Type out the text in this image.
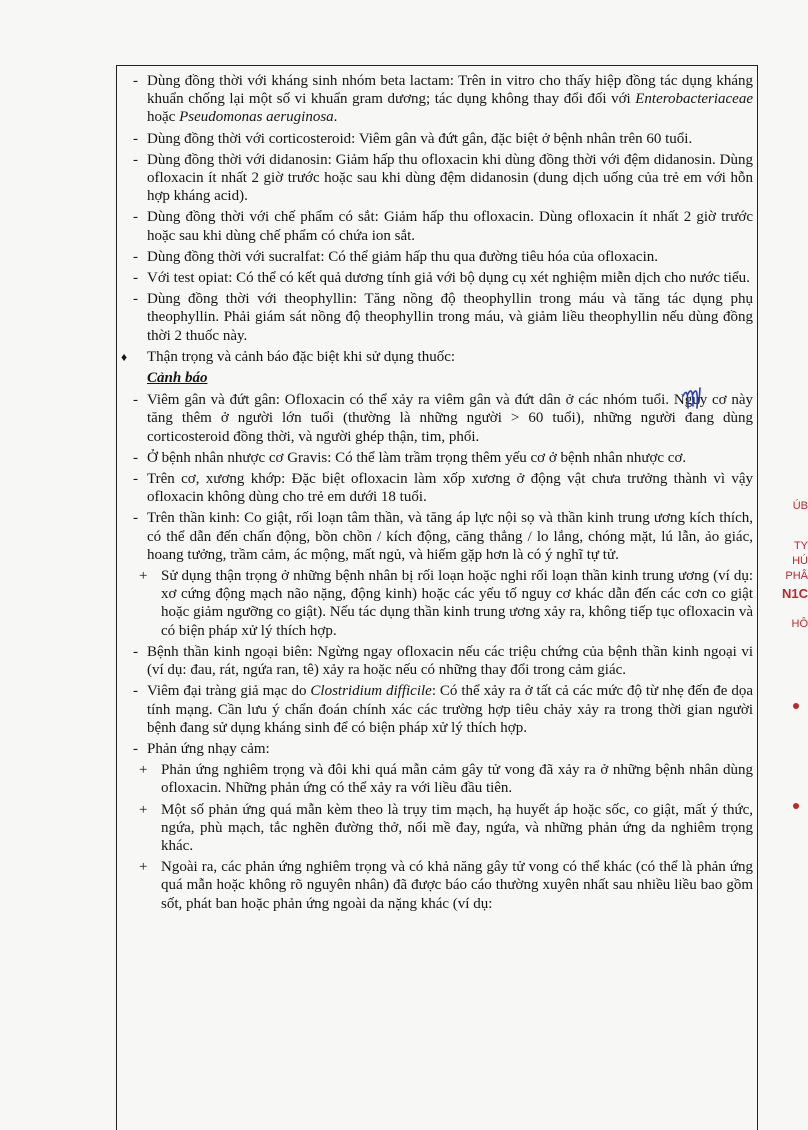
- Dùng đồng thời với kháng sinh nhóm beta lactam: Trên in vitro cho thấy hiệp đồng tác dụng kháng khuẩn chống lại một số vi khuẩn gram dương; tác dụng không thay đổi đối với Enterobacteriaceae hoặc Pseudomonas aeruginosa.
- Dùng đồng thời với corticosteroid: Viêm gân và đứt gân, đặc biệt ở bệnh nhân trên 60 tuổi.
- Dùng đồng thời với didanosin: Giảm hấp thu ofloxacin khi dùng đồng thời với đệm didanosin. Dùng ofloxacin ít nhất 2 giờ trước hoặc sau khi dùng đệm didanosin (dung dịch uống của trẻ em với hỗn hợp kháng acid).
- Dùng đồng thời với chế phẩm có sắt: Giảm hấp thu ofloxacin. Dùng ofloxacin ít nhất 2 giờ trước hoặc sau khi dùng chế phẩm có chứa ion sắt.
- Dùng đồng thời với sucralfat: Có thể giảm hấp thu qua đường tiêu hóa của ofloxacin.
- Với test opiat: Có thể có kết quả dương tính giả với bộ dụng cụ xét nghiệm miễn dịch cho nước tiểu.
- Dùng đồng thời với theophyllin: Tăng nồng độ theophyllin trong máu và tăng tác dụng phụ theophyllin. Phải giám sát nồng độ theophyllin trong máu, và giảm liều theophyllin nếu dùng đồng thời 2 thuốc này.
♦ Thận trọng và cảnh báo đặc biệt khi sử dụng thuốc:
Cảnh báo
- Viêm gân và đứt gân: Ofloxacin có thể xảy ra viêm gân và đứt dân ở các nhóm tuổi. Nguy cơ này tăng thêm ở người lớn tuổi (thường là những người > 60 tuổi), những người đang dùng corticosteroid đồng thời, và người ghép thận, tim, phổi.
- Ở bệnh nhân nhược cơ Gravis: Có thể làm trầm trọng thêm yếu cơ ở bệnh nhân nhược cơ.
- Trên cơ, xương khớp: Đặc biệt ofloxacin làm xốp xương ở động vật chưa trưởng thành vì vậy ofloxacin không dùng cho trẻ em dưới 18 tuổi.
- Trên thần kinh: Co giật, rối loạn tâm thần, và tăng áp lực nội sọ và thần kinh trung ương kích thích, có thể dẫn đến chấn động, bồn chồn / kích động, căng thẳng / lo lắng, chóng mặt, lú lẫn, ảo giác, hoang tưởng, trầm cảm, ác mộng, mất ngủ, và hiếm gặp hơn là có ý nghĩ tự tử.
+ Sử dụng thận trọng ở những bệnh nhân bị rối loạn hoặc nghi rối loạn thần kinh trung ương (ví dụ: xơ cứng động mạch não nặng, động kinh) hoặc các yếu tố nguy cơ khác dẫn đến các cơn co giật hoặc giảm ngưỡng co giật). Nếu tác dụng thần kinh trung ương xảy ra, không tiếp tục ofloxacin và có biện pháp xử lý thích hợp.
- Bệnh thần kinh ngoại biên: Ngừng ngay ofloxacin nếu các triệu chứng của bệnh thần kinh ngoại vi (ví dụ: đau, rát, ngứa ran, tê) xảy ra hoặc nếu có những thay đổi trong cảm giác.
- Viêm đại tràng giả mạc do Clostridium difficile: Có thể xảy ra ở tất cả các mức độ từ nhẹ đến đe dọa tính mạng. Cần lưu ý chẩn đoán chính xác các trường hợp tiêu chảy xảy ra trong thời gian người bệnh đang sử dụng kháng sinh để có biện pháp xử lý thích hợp.
- Phản ứng nhạy cảm:
+ Phản ứng nghiêm trọng và đôi khi quá mẫn cảm gây tử vong đã xảy ra ở những bệnh nhân dùng ofloxacin. Những phản ứng có thể xảy ra với liều đầu tiên.
+ Một số phản ứng quá mẫn kèm theo là trụy tim mạch, hạ huyết áp hoặc sốc, co giật, mất ý thức, ngứa, phù mạch, tắc nghẽn đường thở, nổi mề đay, ngứa, và những phản ứng da nghiêm trọng khác.
+ Ngoài ra, các phản ứng nghiêm trọng và có khả năng gây tử vong có thể khác (có thể là phản ứng quá mẫn hoặc không rõ nguyên nhân) đã được báo cáo thường xuyên nhất sau nhiều liều bao gồm sốt, phát ban hoặc phản ứng ngoài da nặng khác (ví dụ:
ÚB
TY
HÚ
PHÂ
N1C
HÔ
